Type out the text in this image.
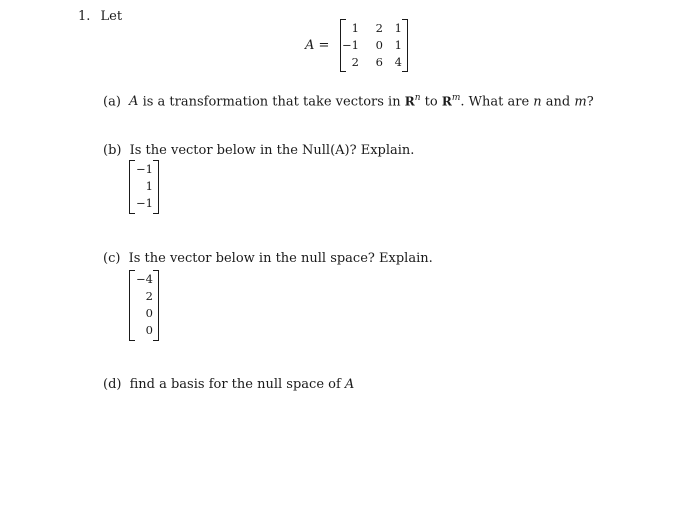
1. Let
A =
1 2 1
−1 0 1
2 6 4
(a) A is a transformation that take vectors in $R^n$ to $R^m$. What are n and m?
(b) Is the vector below in the Null(A)? Explain.
−1
1
−1
(c) Is the vector below in the null space? Explain.
−4
2
0
0
(d) find a basis for the null space of A
